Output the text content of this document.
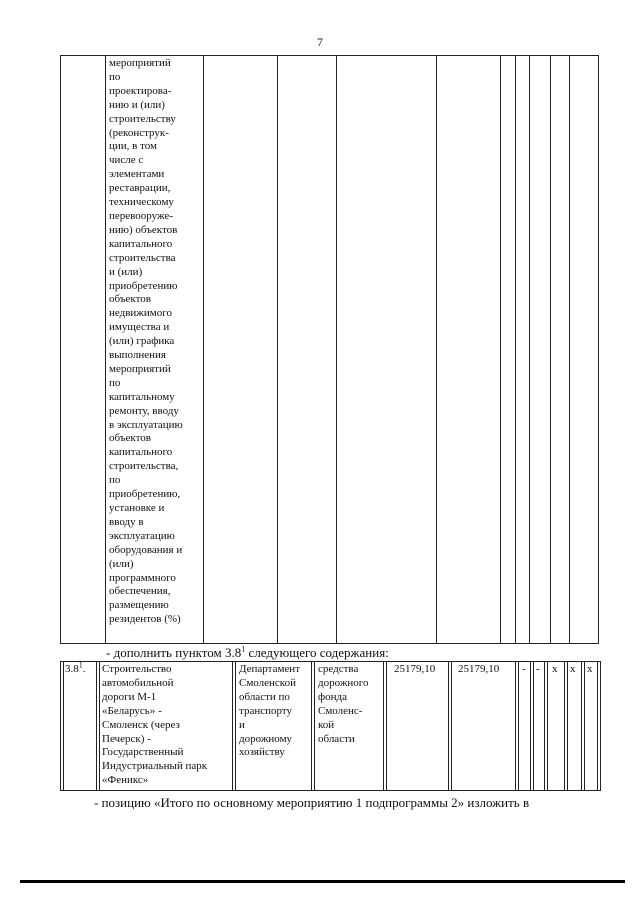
7
мероприятий
по
проектирова-
нию и (или)
строительству
(реконструк-
ции, в том
числе с
элементами
реставрации,
техническому
перевооруже-
нию) объектов
капитального
строительства
и (или)
приобретению
объектов
недвижимого
имущества и
(или) графика
выполнения
мероприятий
по
капитальному
ремонту, вводу
в эксплуатацию
объектов
капитального
строительства,
по
приобретению,
установке и
вводу в
эксплуатацию
оборудования и
(или)
программного
обеспечения,
размещению
резидентов (%)
- дополнить пунктом $3.8^1$ следующего содержания:
$3.8^1$. Строительство
автомобильной
дороги М-1
«Беларусь» -
Смоленск (через
Печерск) -
Государственный
Индустриальный парк
«Феникс»
Департамент
Смоленской
области по
транспорту
и
дорожному
хозяйству
средства
дорожного
фонда
Смоленс-
кой
области
25179,10 25179,10 - - x x x
- позицию «Итого по основному мероприятию 1 подпрограммы 2» изложить в
